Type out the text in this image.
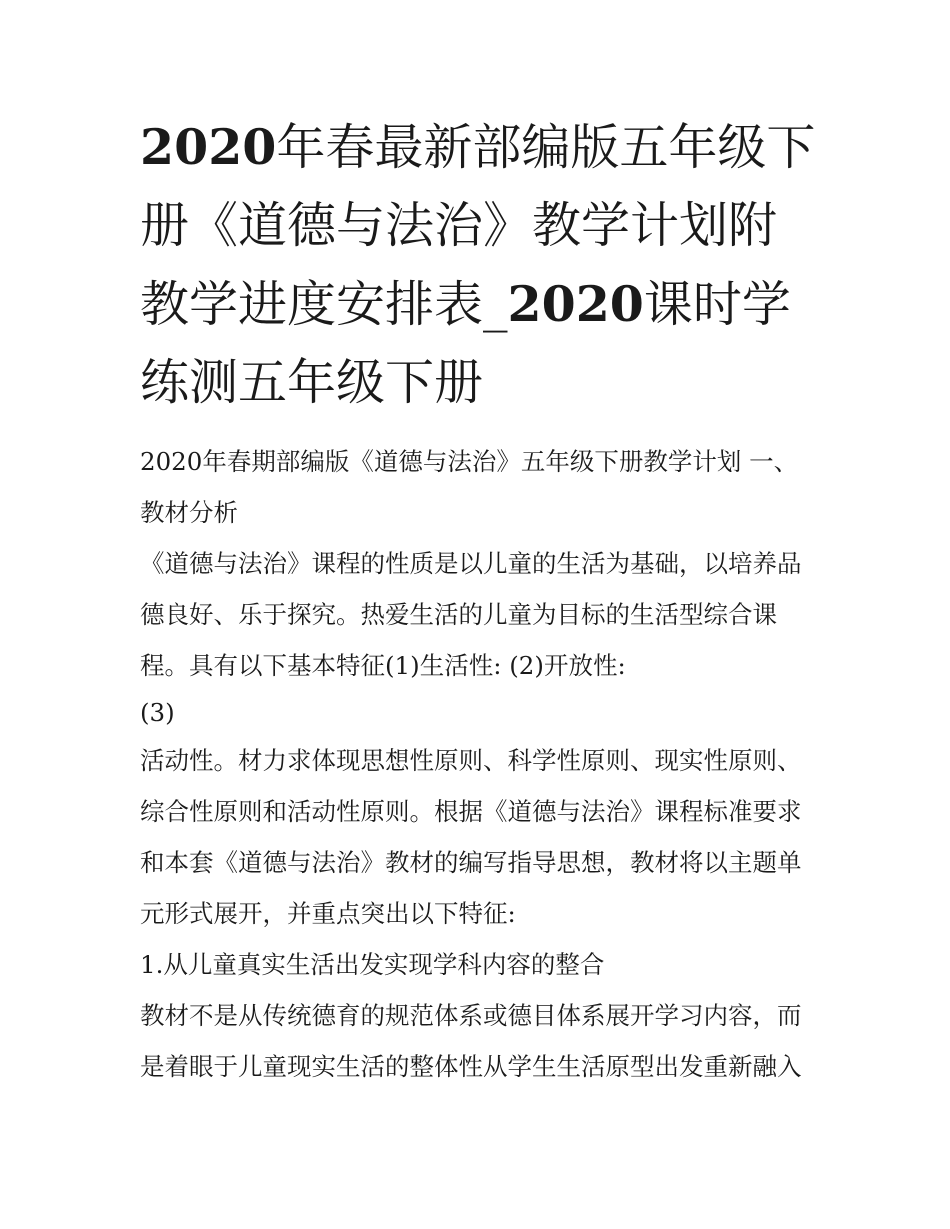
2020年春最新部编版五年级下册《道德与法治》教学计划附教学进度安排表_2020课时学练测五年级下册

2020年春期部编版《道德与法治》五年级下册教学计划 一、教材分析

《道德与法治》课程的性质是以儿童的生活为基础，以培养品德良好、乐于探究。热爱生活的儿童为目标的生活型综合课程。具有以下基本特征(1)生活性: (2)开放性:

(3)

活动性。材力求体现思想性原则、科学性原则、现实性原则、综合性原则和活动性原则。根据《道德与法治》课程标准要求和本套《道德与法治》教材的编写指导思想，教材将以主题单元形式展开，并重点突出以下特征:

1.从儿童真实生活出发实现学科内容的整合

教材不是从传统德育的规范体系或德目体系展开学习内容，而是着眼于儿童现实生活的整体性从学生生活原型出发重新融入
